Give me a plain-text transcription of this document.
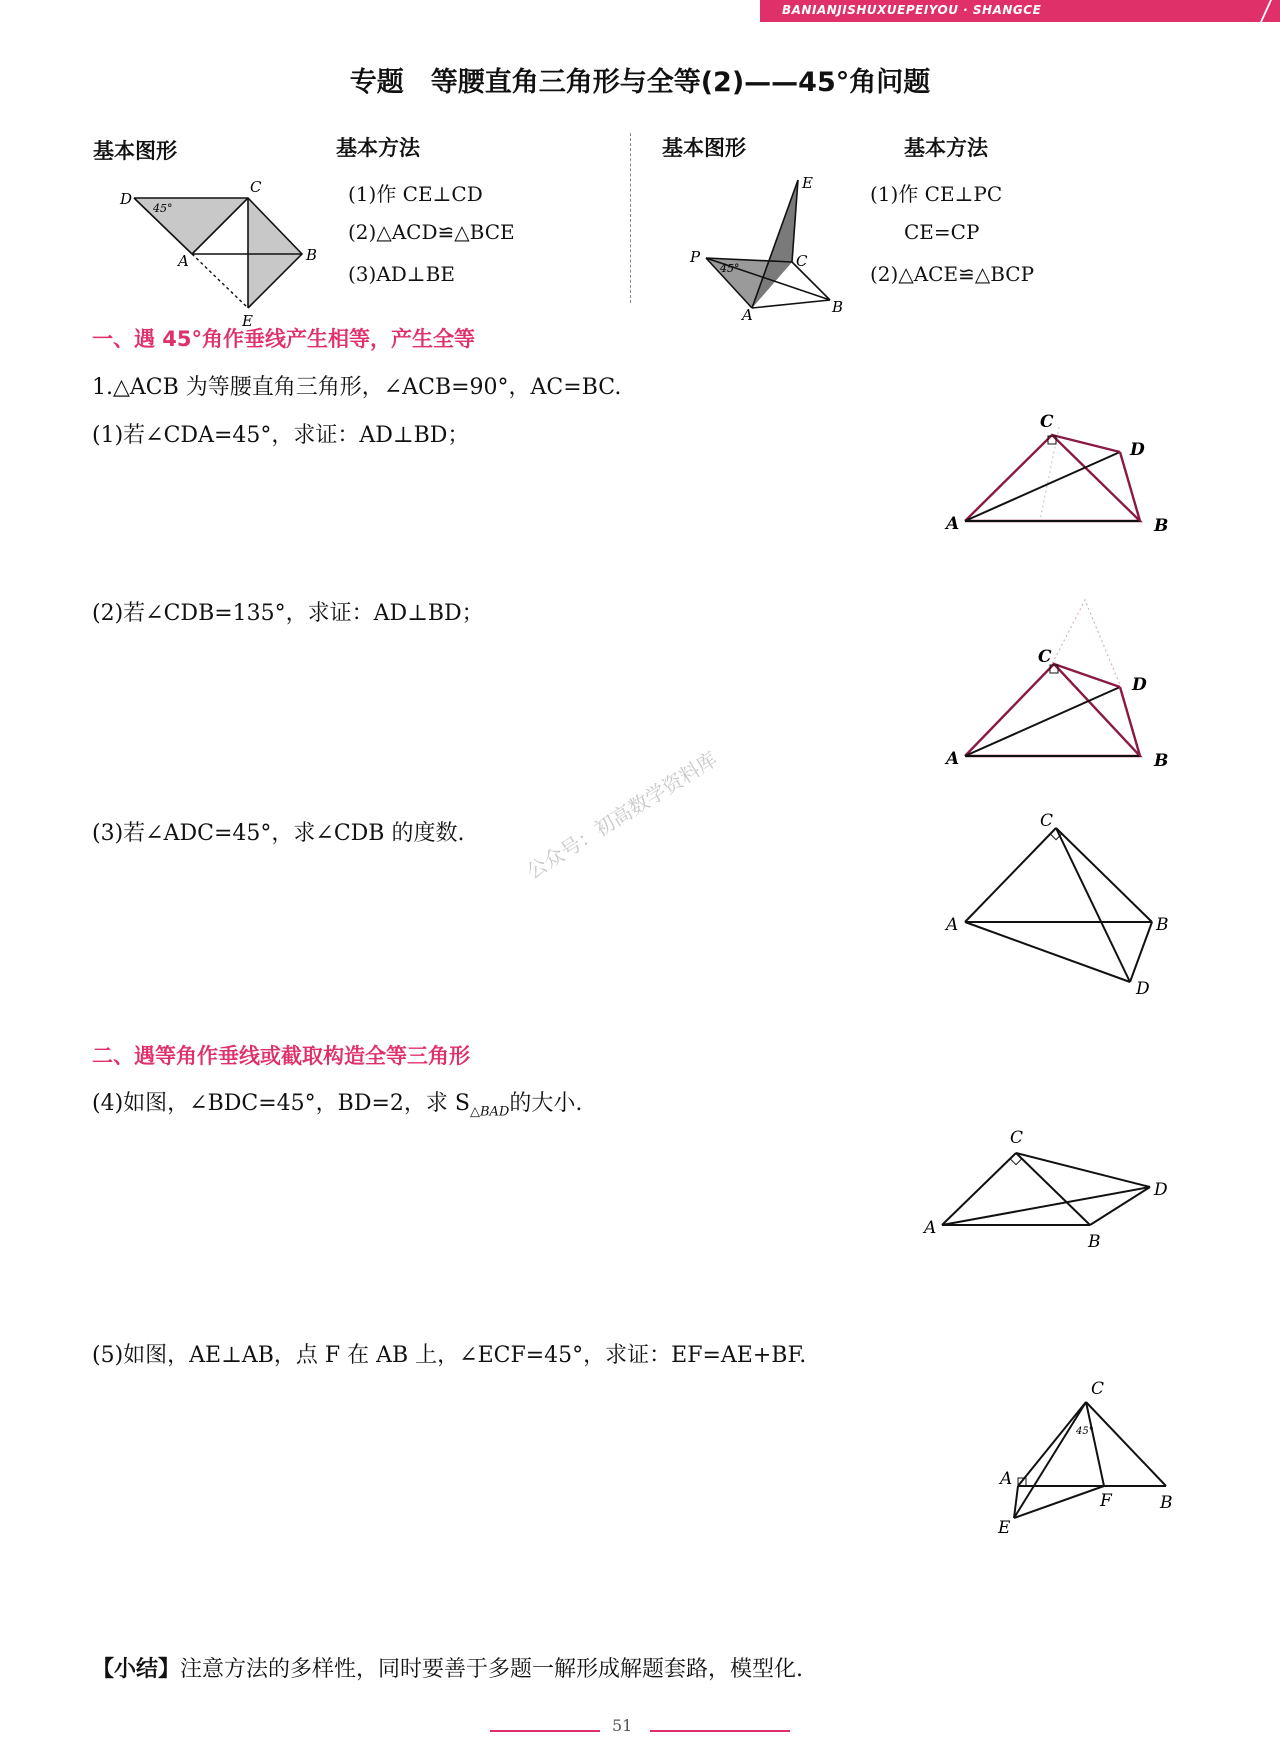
BANIANJISHUXUEPEIYOU · SHANGCE
专题　等腰直角三角形与全等(2)——45°角问题
基本图形	基本方法
(1)作 CE⊥CD
(2)△ACD≌△BCE
(3)AD⊥BE
45°
D
C
B
A
E
基本图形	基本方法
(1)作 CE⊥PC
CE=CP
(2)△ACE≌△BCP
45°
P	C
E
B
A
一、遇 45°角作垂线产生相等，产生全等
1.△ACB 为等腰直角三角形，∠ACB=90°，AC=BC.
(1)若∠CDA=45°，求证：AD⊥BD；
C
D
A	B
(2)若∠CDB=135°，求证：AD⊥BD；
C
D
A	B
(3)若∠ADC=45°，求∠CDB 的度数.	C
A	B
D
公众号：初高数学资料库
二、遇等角作垂线或截取构造全等三角形
(4)如图，∠BDC=45°，BD=2，求 $S_{\triangle BAD}$的大小.
C
D
A
B
(5)如图，AE⊥AB，点 F 在 AB 上，∠ECF=45°，求证：EF=AE+BF.
45°
C
A
F	B
E
【小结】注意方法的多样性，同时要善于多题一解形成解题套路，模型化.
51
